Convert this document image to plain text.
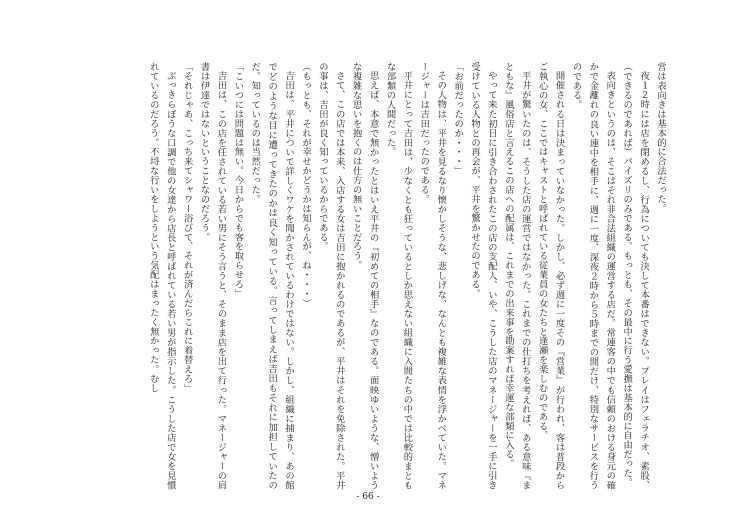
営は表向きは基本的に合法だった。

夜１２時には店を閉めるし、行為についても決して本番はできない。プレイはフェラチオ、素股、（できるのであれば）パイズリのみである。もっとも、その最中に行う愛撫は基本的に自由だった。

表向きというのは、そこはそれ非合法組織の運営する店だ。常連客の中でも信頼のおける身元の確かで金離れの良い連中を相手に、週に一度、深夜２時から５時までの間だけ、特別なサービスを行うのである。

開催される日は決まっていなかった。しかし、必ず週に一度その『営業』が行われ、客は普段からご執心の女、ここではキャストと呼ばれている従業員の女たちと逢瀬を楽しむのである。

平井が驚いたのは、そうした店の運営ではなかった。これまでの仕打ちを考えれば、ある意味『まともな』風俗店と言えるこの店への配属は、これまでの出来事を勘案すれば幸運な部類に入る。

やって来た初日に引き合わされたこの店の支配人、いや、こうした店のマネージャーを一手に引き受けている人物との再会が、平井を驚かせたのである。

「お前だったのか・・・」

その人物は、平井を見るなり懐かしそうな、悲しげな、なんとも複雑な表情を浮かべていた。マネージャーは吉田だったのである。

平井にとって吉田は、少なくとも狂っているとしか思えない組織に入間たちの中では比較的まともな部類の人間だった。

思えば、本意で無かったとはいえ平井の『初めての相手』なのである。面映ゆいような、憎いような複雑な思いを抱くのは仕方の無いことだろう。

さて、この店では本来、入店する女は吉田に抱かれるのであるが、平井はそれを免除された。平井の事は、吉田が良く知っているからである。

（もっとも、それが幸せかどうかは知らんが、ね・・・）

吉田は、平井について詳しくワケを聞かされているわけではない。しかし、組織に捕まり、あの館でどのような目に遭ってきたのかは良く知っている。言ってしまえば吉田もそれに加担していたのだ。知っているのは当然だった。

「こいつには問題は無い。今日からでも客を取らせろ」

吉田は、この店を任されている若い男にそう言うと、そのまま店を出て行った。マネージャーの肩書は伊達ではないということなのだろう。

「それじゃあ、こっち来てシャワー浴びて、それが済んだらこれに着替えろ」

ぶっきらぼうな口調で他の女達から店長と呼ばれている若い男が指示した。こうした店で女を見慣れているのだろう。不埒な行いをしようという気配はまったく無かった。むし

- 66 -
